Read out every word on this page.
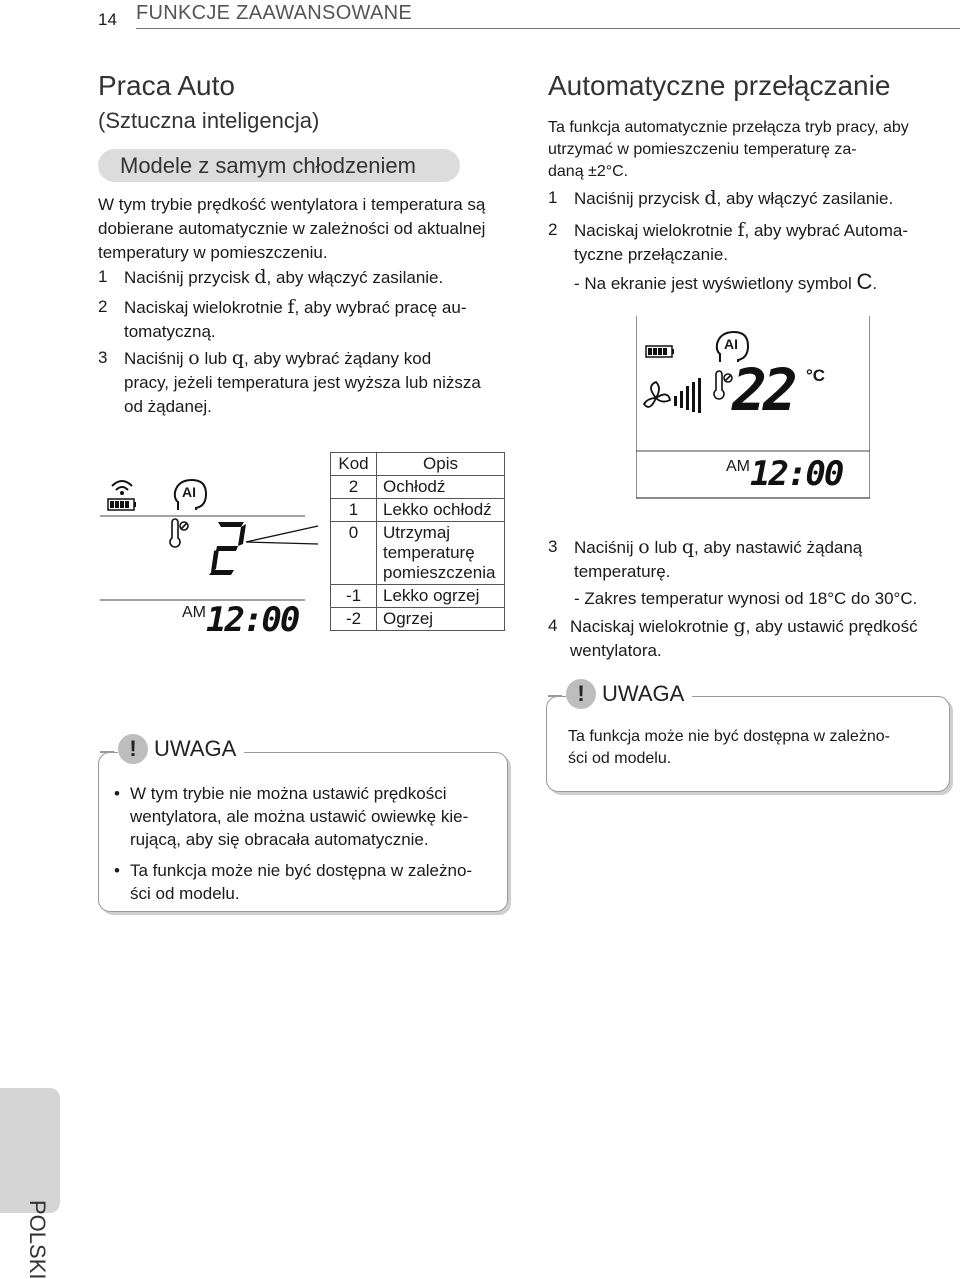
14 FUNKCJE ZAAWANSOWANE
Praca Auto
(Sztuczna inteligencja)
Modele z samym chłodzeniem
W tym trybie prędkość wentylatora i temperatura są
dobierane automatycznie w zależności od aktualnej
temperatury w pomieszczeniu.
1 Naciśnij przycisk d, aby włączyć zasilanie.
2 Naciskaj wielokrotnie f, aby wybrać pracę au-
tomatyczną.
3 Naciśnij o lub q, aby wybrać żądany kod
pracy, jeżeli temperatura jest wyższa lub niższa
od żądanej.
AI
AM 12:00
Kod	Opis
2	Ochłodź
1	Lekko ochłodź
0	Utrzymaj
temperaturę
pomieszczenia

-1	Lekko ogrzej
-2	Ogrzej
! UWAGA
• W tym trybie nie można ustawić prędkości
wentylatora, ale można ustawić owiewkę kie-
rującą, aby się obracała automatycznie.
• Ta funkcja może nie być dostępna w zależno-
ści od modelu.
Automatyczne przełączanie
Ta funkcja automatycznie przełącza tryb pracy, aby
utrzymać w pomieszczeniu temperaturę za-
daną ±2°C.
1 Naciśnij przycisk d, aby włączyć zasilanie.
2 Naciskaj wielokrotnie f, aby wybrać Automa-
tyczne przełączanie.
- Na ekranie jest wyświetlony symbol C.
AI
22 °C
AM 12:00
3 Naciśnij o lub q, aby nastawić żądaną
temperaturę.
- Zakres temperatur wynosi od 18°C do 30°C.
4 Naciskaj wielokrotnie g, aby ustawić prędkość
wentylatora.
! UWAGA
Ta funkcja może nie być dostępna w zależno-
ści od modelu.
POLSKI
